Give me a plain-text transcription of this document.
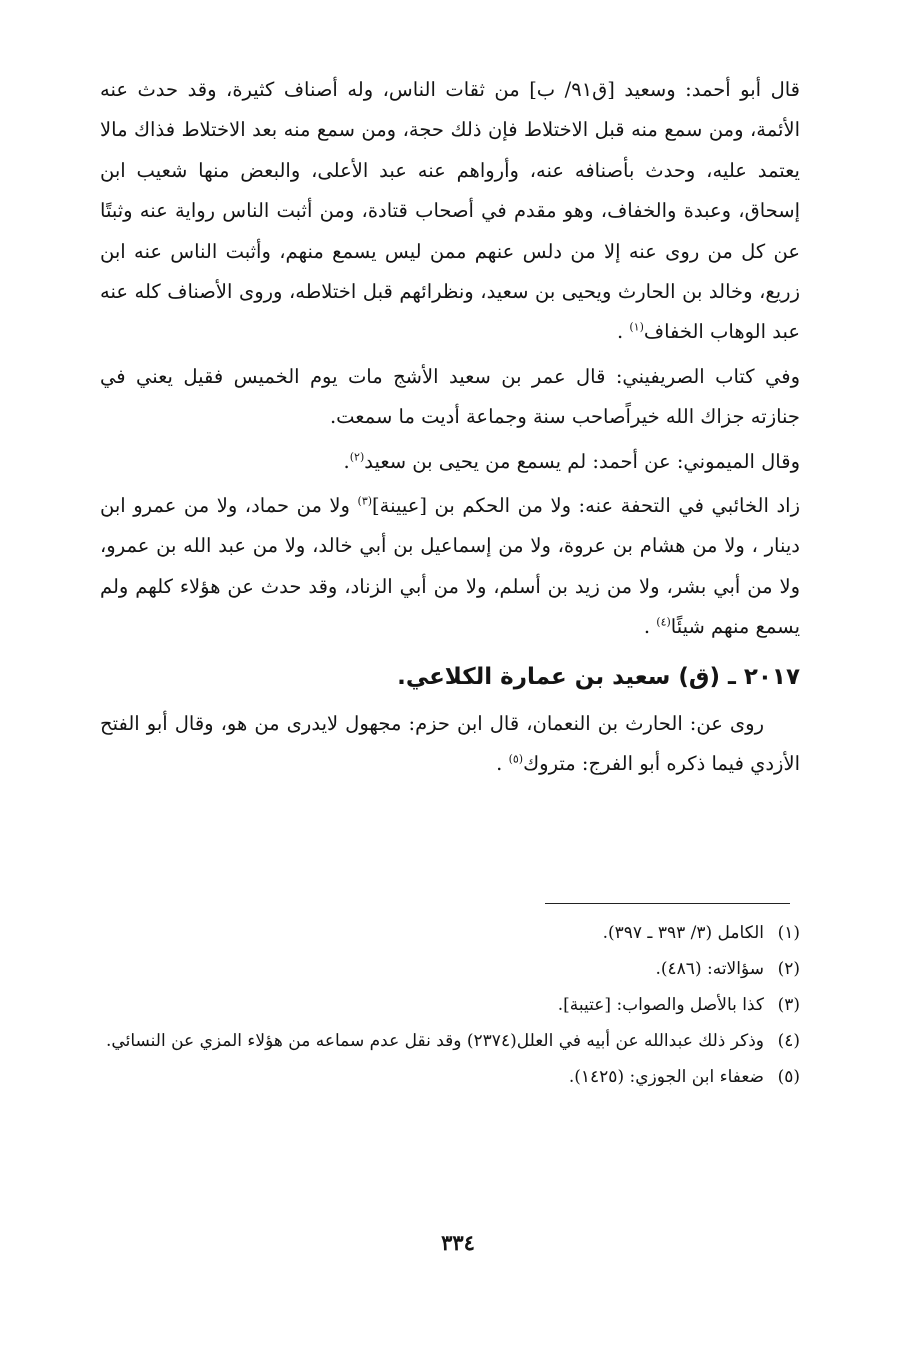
قال أبو أحمد: وسعيد [ق٩١/ ب] من ثقات الناس، وله أصناف كثيرة، وقد حدث عنه الأئمة، ومن سمع منه قبل الاختلاط فإن ذلك حجة، ومن سمع منه بعد الاختلاط فذاك مالا يعتمد عليه، وحدث بأصنافه عنه، وأرواهم عنه عبد الأعلى، والبعض منها شعيب ابن إسحاق، وعبدة والخفاف، وهو مقدم في أصحاب قتادة، ومن أثبت الناس رواية عنه وثبتًا عن كل من روى عنه إلا من دلس عنهم ممن ليس يسمع منهم، وأثبت الناس عنه ابن زريع، وخالد بن الحارث ويحيى بن سعيد، ونظرائهم قبل اختلاطه، وروى الأصناف كله عنه عبد الوهاب الخفاف$^{(١)}$ .

وفي كتاب الصريفيني: قال عمر بن سعيد الأشج مات يوم الخميس فقيل يعني في جنازته جزاك الله خيراًصاحب سنة وجماعة أديت ما سمعت.

وقال الميموني: عن أحمد: لم يسمع من يحيى بن سعيد$^{(٢)}$.

زاد الخائبي في التحفة عنه: ولا من الحكم بن [عيينة]$^{(٣)}$ ولا من حماد، ولا من عمرو ابن دينار ، ولا من هشام بن عروة، ولا من إسماعيل بن أبي خالد، ولا من عبد الله بن عمرو، ولا من أبي بشر، ولا من زيد بن أسلم، ولا من أبي الزناد، وقد حدث عن هؤلاء كلهم ولم يسمع منهم شيئًا$^{(٤)}$ .

٢٠١٧ ـ (ق) سعيد بن عمارة الكلاعي.

روى عن: الحارث بن النعمان، قال ابن حزم: مجهول لايدرى من هو، وقال أبو الفتح الأزدي فيما ذكره أبو الفرج: متروك$^{(٥)}$ .

(١)
الكامل (٣/ ٣٩٣ ـ ٣٩٧).
(٢)
سؤالاته: (٤٨٦).
(٣)
كذا بالأصل والصواب: [عتيبة].
(٤)
وذكر ذلك عبدالله عن أبيه في العلل(٢٣٧٤) وقد نقل عدم سماعه من هؤلاء المزي عن النسائي.
(٥)
ضعفاء ابن الجوزي: (١٤٢٥).
٣٣٤
